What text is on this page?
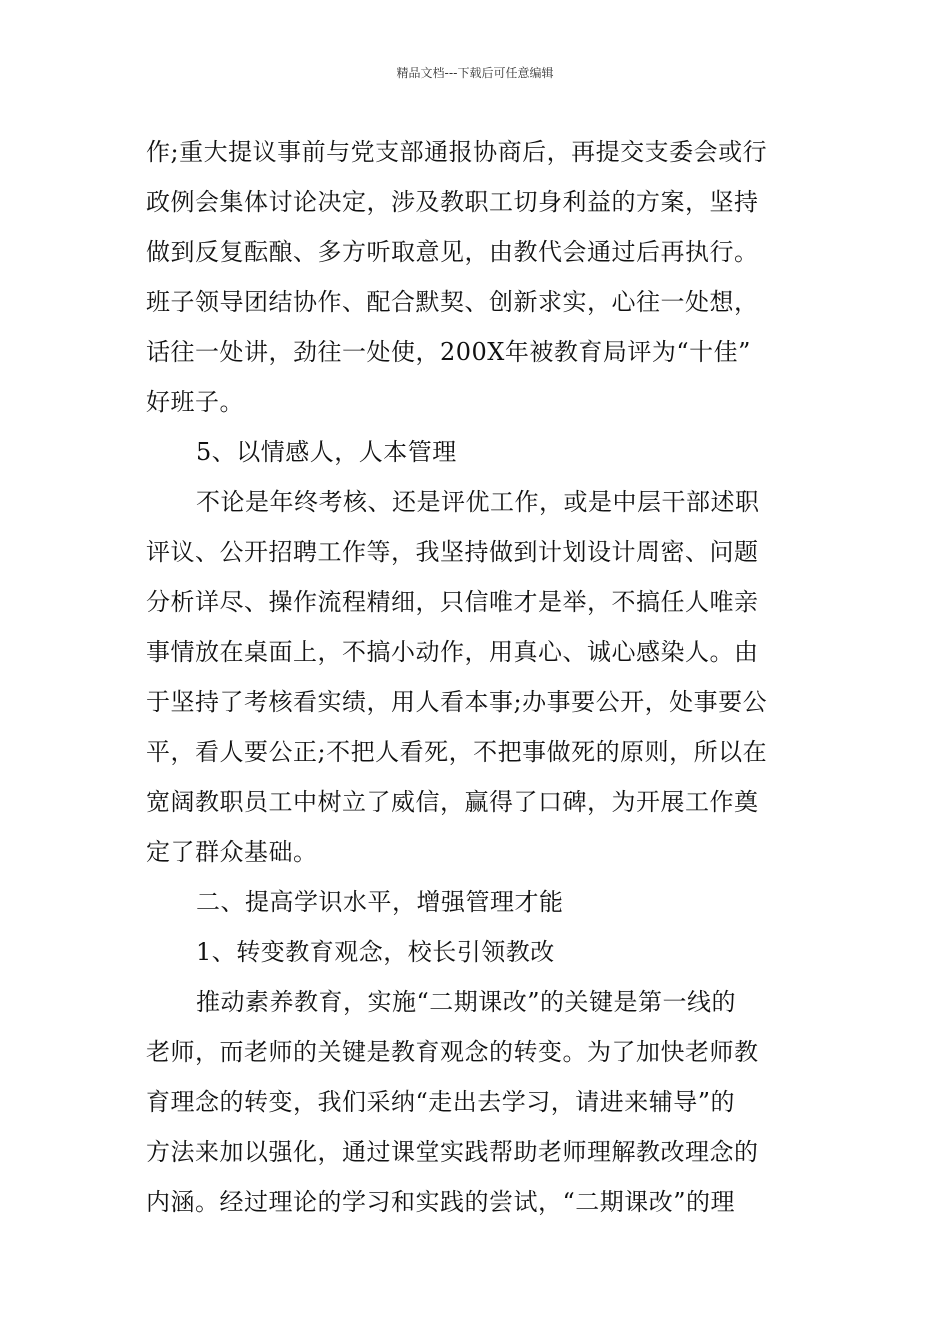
精品文档---下载后可任意编辑
作;重大提议事前与党支部通报协商后，再提交支委会或行
政例会集体讨论决定，涉及教职工切身利益的方案，坚持
做到反复酝酿、多方听取意见，由教代会通过后再执行。
班子领导团结协作、配合默契、创新求实，心往一处想，
话往一处讲，劲往一处使，200X年被教育局评为“十佳”
好班子。
5、以情感人，人本管理
不论是年终考核、还是评优工作，或是中层干部述职
评议、公开招聘工作等，我坚持做到计划设计周密、问题
分析详尽、操作流程精细，只信唯才是举，不搞任人唯亲
事情放在桌面上，不搞小动作，用真心、诚心感染人。由
于坚持了考核看实绩，用人看本事;办事要公开，处事要公
平，看人要公正;不把人看死，不把事做死的原则，所以在
宽阔教职员工中树立了威信，赢得了口碑，为开展工作奠
定了群众基础。
二、提高学识水平，增强管理才能
1、转变教育观念，校长引领教改
推动素养教育，实施“二期课改”的关键是第一线的
老师，而老师的关键是教育观念的转变。为了加快老师教
育理念的转变，我们采纳“走出去学习，请进来辅导”的
方法来加以强化，通过课堂实践帮助老师理解教改理念的
内涵。经过理论的学习和实践的尝试，“二期课改”的理
